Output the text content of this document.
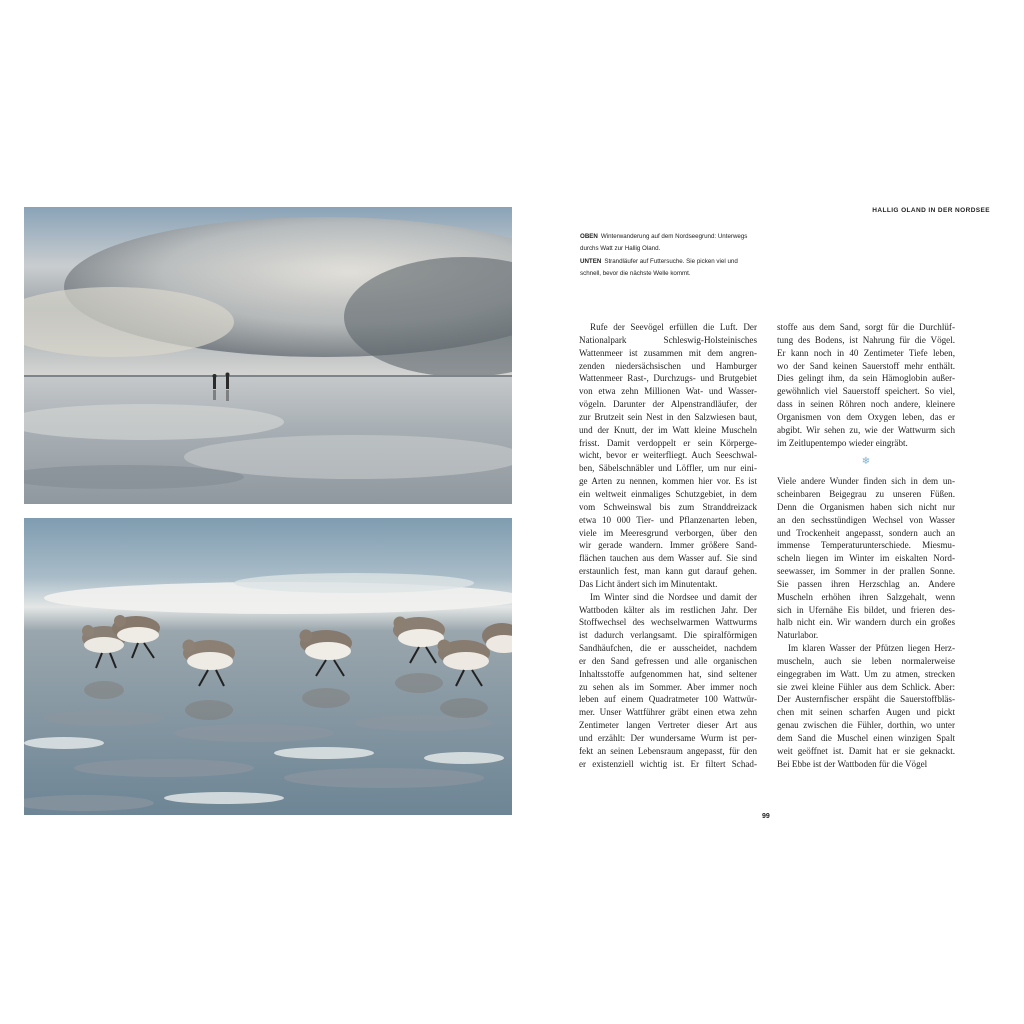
HALLIG OLAND IN DER NORDSEE

OBEN Winterwanderung auf dem Nordseegrund: Unterwegs

durchs Watt zur Hallig Oland.

UNTEN Strandläufer auf Futtersuche. Sie picken viel und

schnell, bevor die nächste Welle kommt.

Rufe der Seevögel erfüllen die Luft. Der
Nationalpark Schleswig-Holsteinisches
Wattenmeer ist zusammen mit dem angren-
zenden niedersächsischen und Hamburger
Wattenmeer Rast-, Durchzugs- und Brutgebiet
von etwa zehn Millionen Wat- und Wasser-
vögeln. Darunter der Alpenstrandläufer, der
zur Brutzeit sein Nest in den Salzwiesen baut,
und der Knutt, der im Watt kleine Muscheln
frisst. Damit verdoppelt er sein Körperge-
wicht, bevor er weiterfliegt. Auch Seeschwal-
ben, Säbelschnäbler und Löffler, um nur eini-
ge Arten zu nennen, kommen hier vor. Es ist
ein weltweit einmaliges Schutzgebiet, in dem
vom Schweinswal bis zum Stranddreizack
etwa 10 000 Tier- und Pflanzenarten leben,
viele im Meeresgrund verborgen, über den
wir gerade wandern. Immer größere Sand-
flächen tauchen aus dem Wasser auf. Sie sind
erstaunlich fest, man kann gut darauf gehen.
Das Licht ändert sich im Minutentakt.
Im Winter sind die Nordsee und damit der
Wattboden kälter als im restlichen Jahr. Der
Stoffwechsel des wechselwarmen Wattwurms
ist dadurch verlangsamt. Die spiralförmigen
Sandhäufchen, die er ausscheidet, nachdem
er den Sand gefressen und alle organischen
Inhaltsstoffe aufgenommen hat, sind seltener
zu sehen als im Sommer. Aber immer noch
leben auf einem Quadratmeter 100 Wattwür-
mer. Unser Wattführer gräbt einen etwa zehn
Zentimeter langen Vertreter dieser Art aus
und erzählt: Der wundersame Wurm ist per-
fekt an seinen Lebensraum angepasst, für den
er existenziell wichtig ist. Er filtert Schad-
stoffe aus dem Sand, sorgt für die Durchlüf-
tung des Bodens, ist Nahrung für die Vögel.
Er kann noch in 40 Zentimeter Tiefe leben,
wo der Sand keinen Sauerstoff mehr enthält.
Dies gelingt ihm, da sein Hämoglobin außer-
gewöhnlich viel Sauerstoff speichert. So viel,
dass in seinen Röhren noch andere, kleinere
Organismen von dem Oxygen leben, das er
abgibt. Wir sehen zu, wie der Wattwurm sich
im Zeitlupentempo wieder eingräbt.
❄
Viele andere Wunder finden sich in dem un-
scheinbaren Beigegrau zu unseren Füßen.
Denn die Organismen haben sich nicht nur
an den sechsstündigen Wechsel von Wasser
und Trockenheit angepasst, sondern auch an
immense Temperaturunterschiede. Miesmu-
scheln liegen im Winter im eiskalten Nord-
seewasser, im Sommer in der prallen Sonne.
Sie passen ihren Herzschlag an. Andere
Muscheln erhöhen ihren Salzgehalt, wenn
sich in Ufernähe Eis bildet, und frieren des-
halb nicht ein. Wir wandern durch ein großes
Naturlabor.
Im klaren Wasser der Pfützen liegen Herz-
muscheln, auch sie leben normalerweise
eingegraben im Watt. Um zu atmen, strecken
sie zwei kleine Fühler aus dem Schlick. Aber:
Der Austernfischer erspäht die Sauerstoffbläs-
chen mit seinen scharfen Augen und pickt
genau zwischen die Fühler, dorthin, wo unter
dem Sand die Muschel einen winzigen Spalt
weit geöffnet ist. Damit hat er sie geknackt.
Bei Ebbe ist der Wattboden für die Vögel
99
